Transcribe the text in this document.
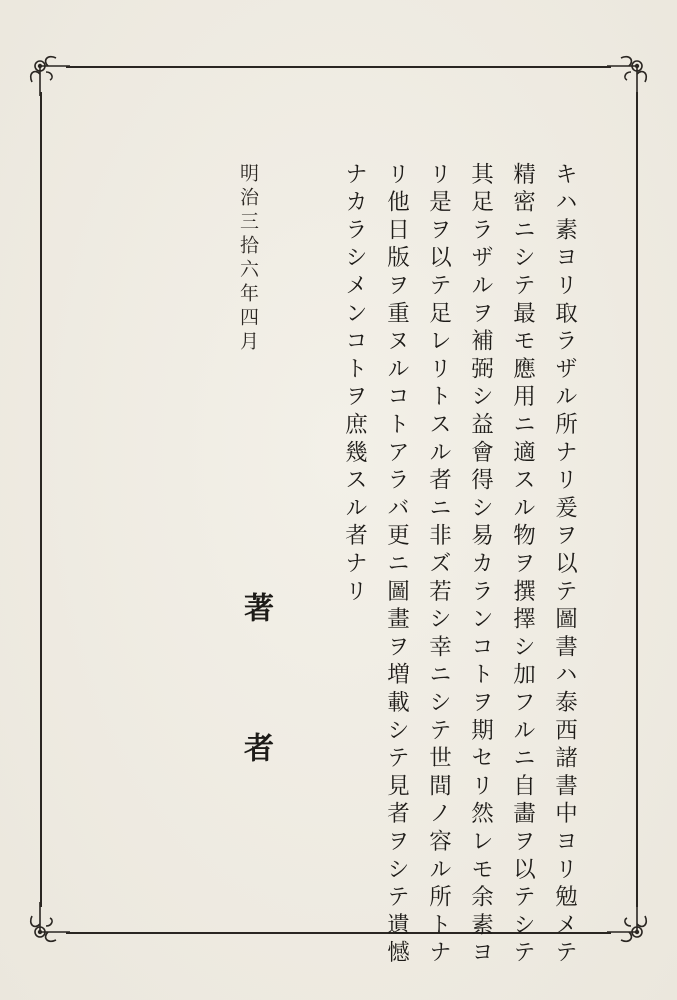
キハ素ヨリ取ラザル所ナリ爰ヲ以テ圖書ハ泰西諸書中ヨリ勉メテ
精密ニシテ最モ應用ニ適スル物ヲ撰擇シ加フルニ自畵ヲ以テシテ
其足ラザルヲ補弼シ益會得シ易カランコトヲ期セリ然レモ余素ヨ
リ是ヲ以テ足レリトスル者ニ非ズ若シ幸ニシテ世間ノ容ル所トナ
リ他日版ヲ重ヌルコトアラバ更ニ圖畫ヲ増載シテ見者ヲシテ遺憾
ナカラシメンコトヲ庶幾スル者ナリ
明治三拾六年四月
著者
